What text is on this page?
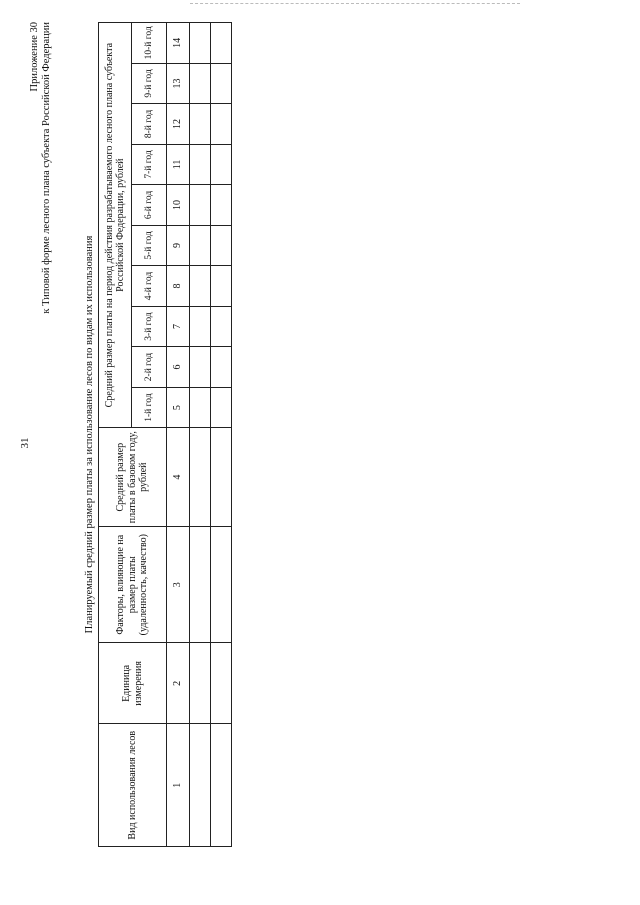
31
Приложение 30 к Типовой форме лесного плана субъекта Российской Федерации
Планируемый средний размер платы за использование лесов по видам их использования
Вид использования лесов	Единица измерения	Факторы, влияющие на размер платы (удаленность, качество)	Средний размер платы в базовом году, рублей	Средний размер платы на период действия разрабатываемого лесного плана субъекта Российской Федерации, рублей									
				1-й год	2-й год	3-й год	4-й год	5-й год	6-й год	7-й год	8-й год	9-й год	10-й год
1	2	3	4	5	6	7	8	9	10	11	12	13	14
